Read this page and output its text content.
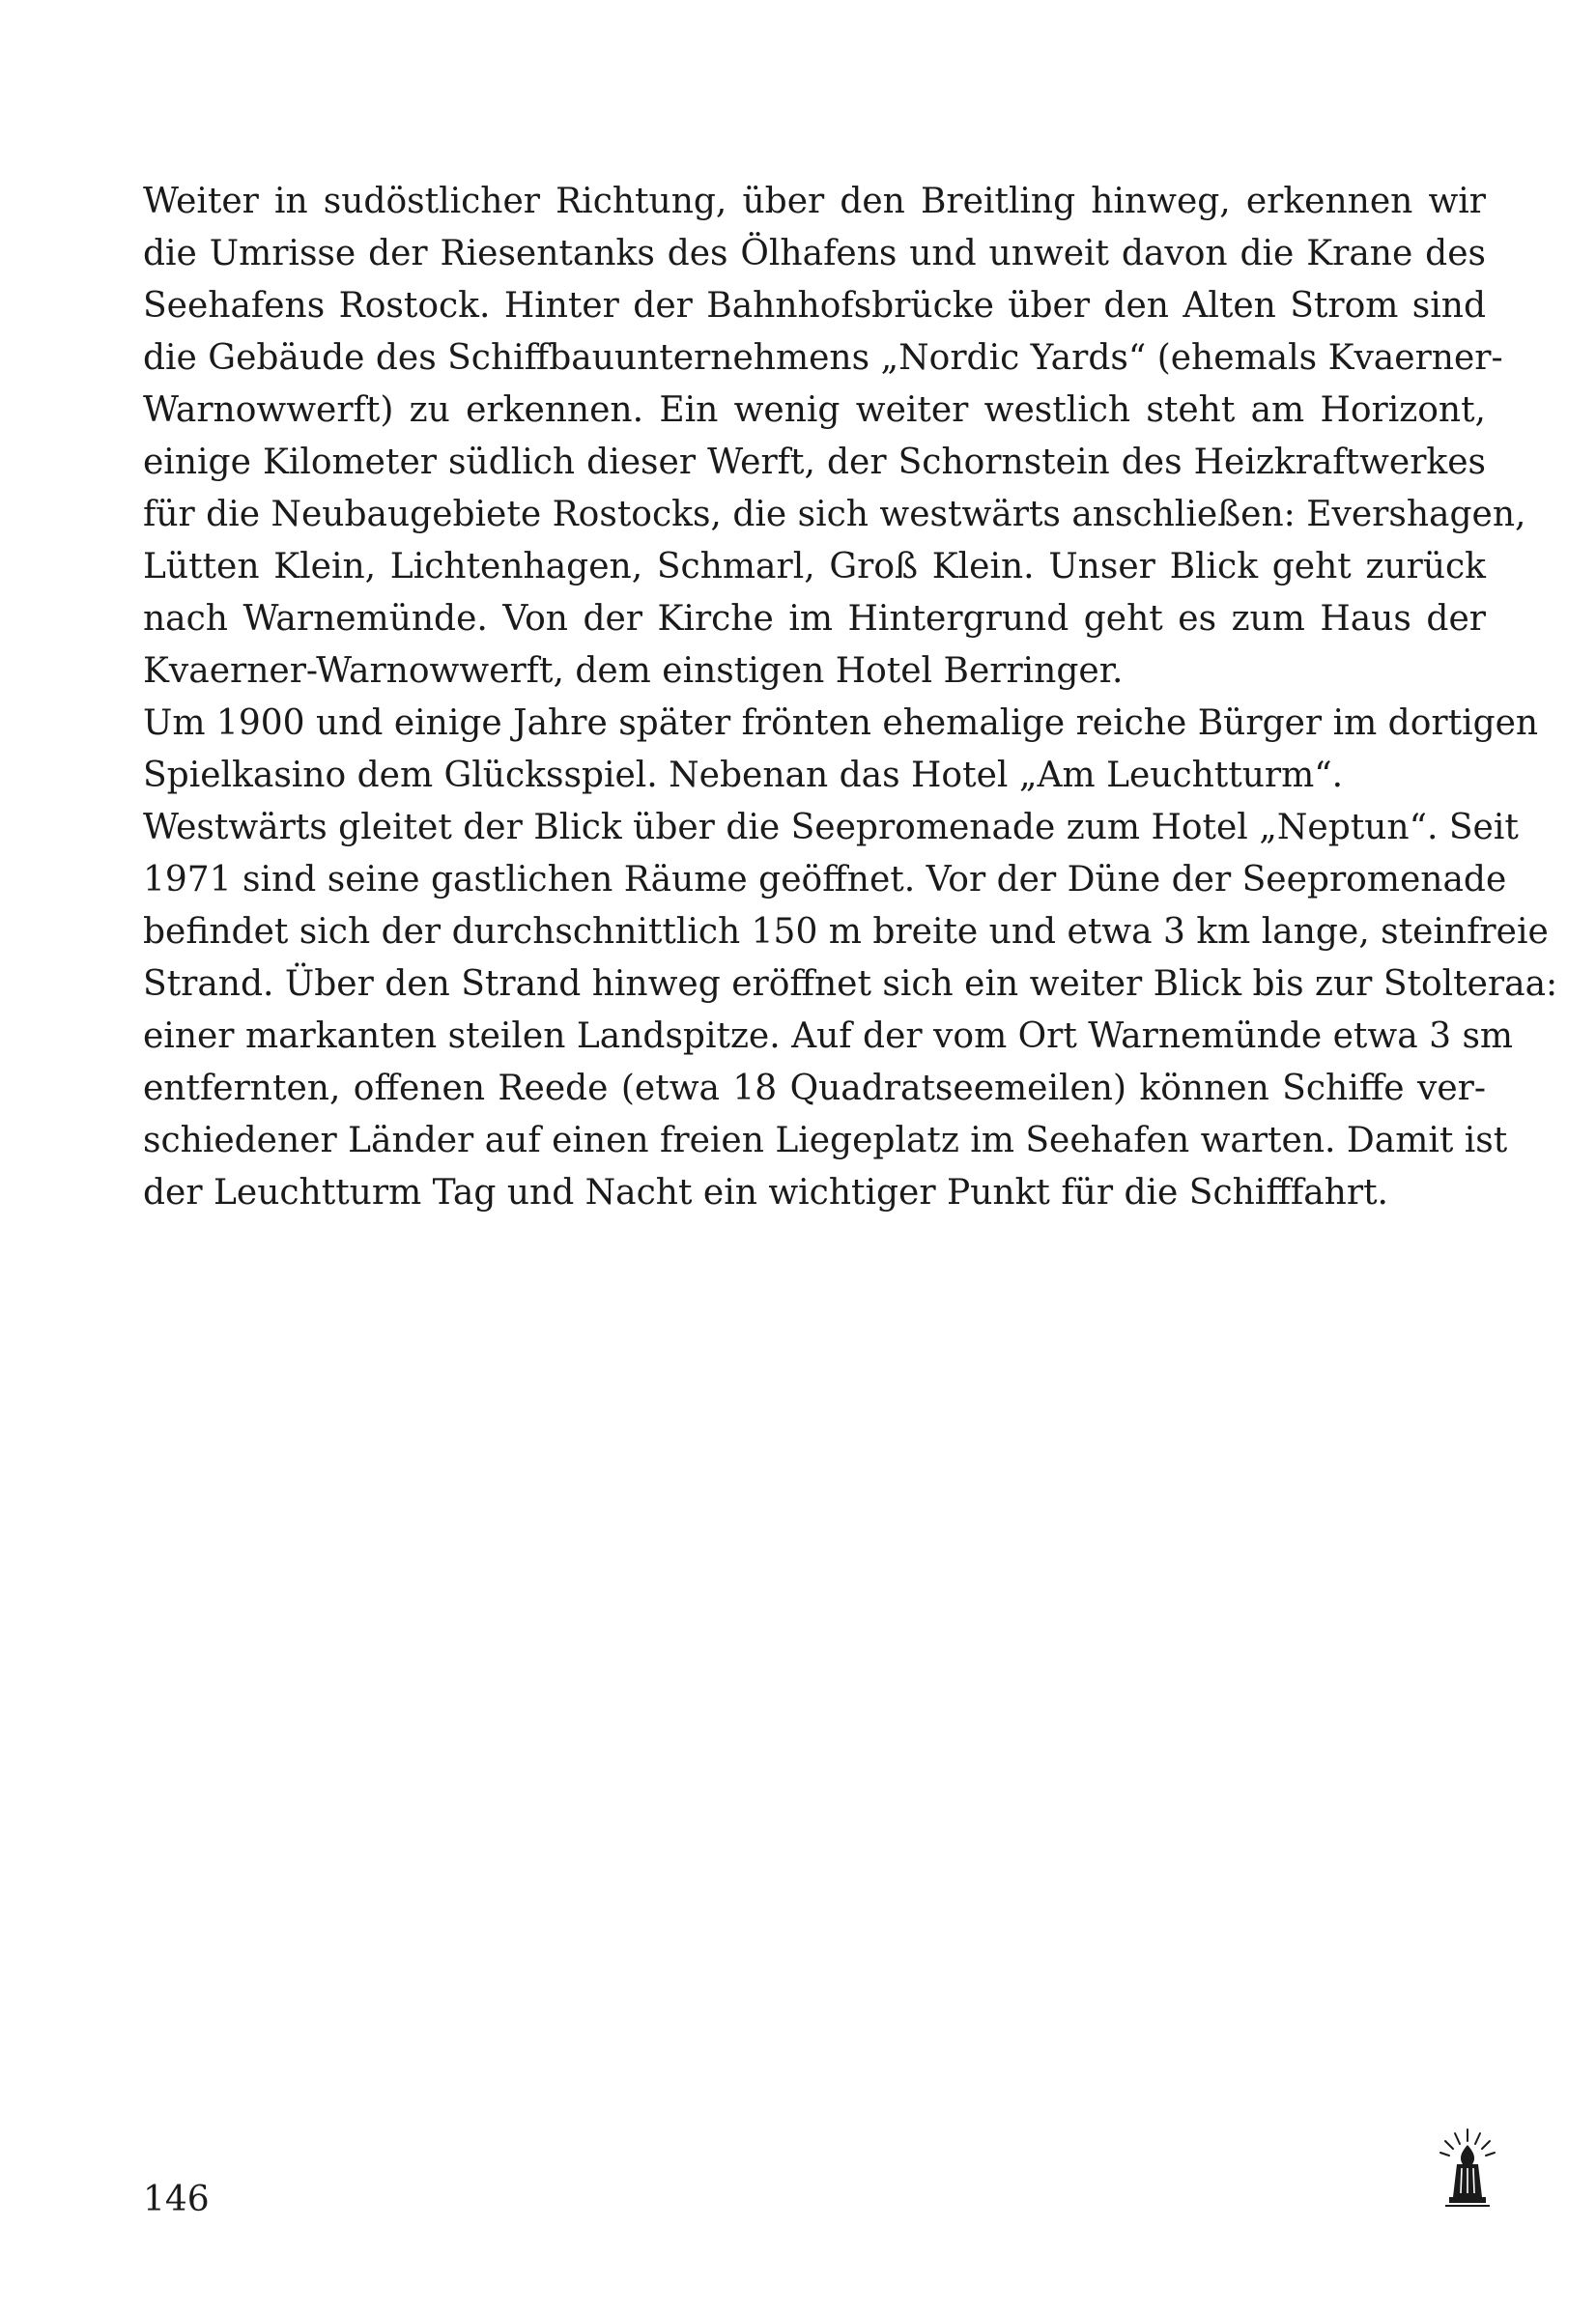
Weiter in sudöstlicher Richtung, über den Breitling hinweg, erkennen wir
die Umrisse der Riesentanks des Ölhafens und unweit davon die Krane des
Seehafens Rostock. Hinter der Bahnhofsbrücke über den Alten Strom sind
die Gebäude des Schiffbauunternehmens „Nordic Yards“ (ehemals Kvaerner-
Warnowwerft) zu erkennen. Ein wenig weiter westlich steht am Horizont,
einige Kilometer südlich dieser Werft, der Schornstein des Heizkraftwerkes
für die Neubaugebiete Rostocks, die sich westwärts anschließen: Evershagen,
Lütten Klein, Lichtenhagen, Schmarl, Groß Klein. Unser Blick geht zurück
nach Warnemünde. Von der Kirche im Hintergrund geht es zum Haus der
Kvaerner-Warnowwerft, dem einstigen Hotel Berringer.
Um 1900 und einige Jahre später frönten ehemalige reiche Bürger im dortigen
Spielkasino dem Glücksspiel. Nebenan das Hotel „Am Leuchtturm“.
Westwärts gleitet der Blick über die Seepromenade zum Hotel „Neptun“. Seit
1971 sind seine gastlichen Räume geöffnet. Vor der Düne der Seepromenade
befindet sich der durchschnittlich 150 m breite und etwa 3 km lange, steinfreie
Strand. Über den Strand hinweg eröffnet sich ein weiter Blick bis zur Stolteraa:
einer markanten steilen Landspitze. Auf der vom Ort Warnemünde etwa 3 sm
entfernten, offenen Reede (etwa 18 Quadratseemeilen) können Schiffe ver-
schiedener Länder auf einen freien Liegeplatz im Seehafen warten. Damit ist
der Leuchtturm Tag und Nacht ein wichtiger Punkt für die Schifffahrt.
146
